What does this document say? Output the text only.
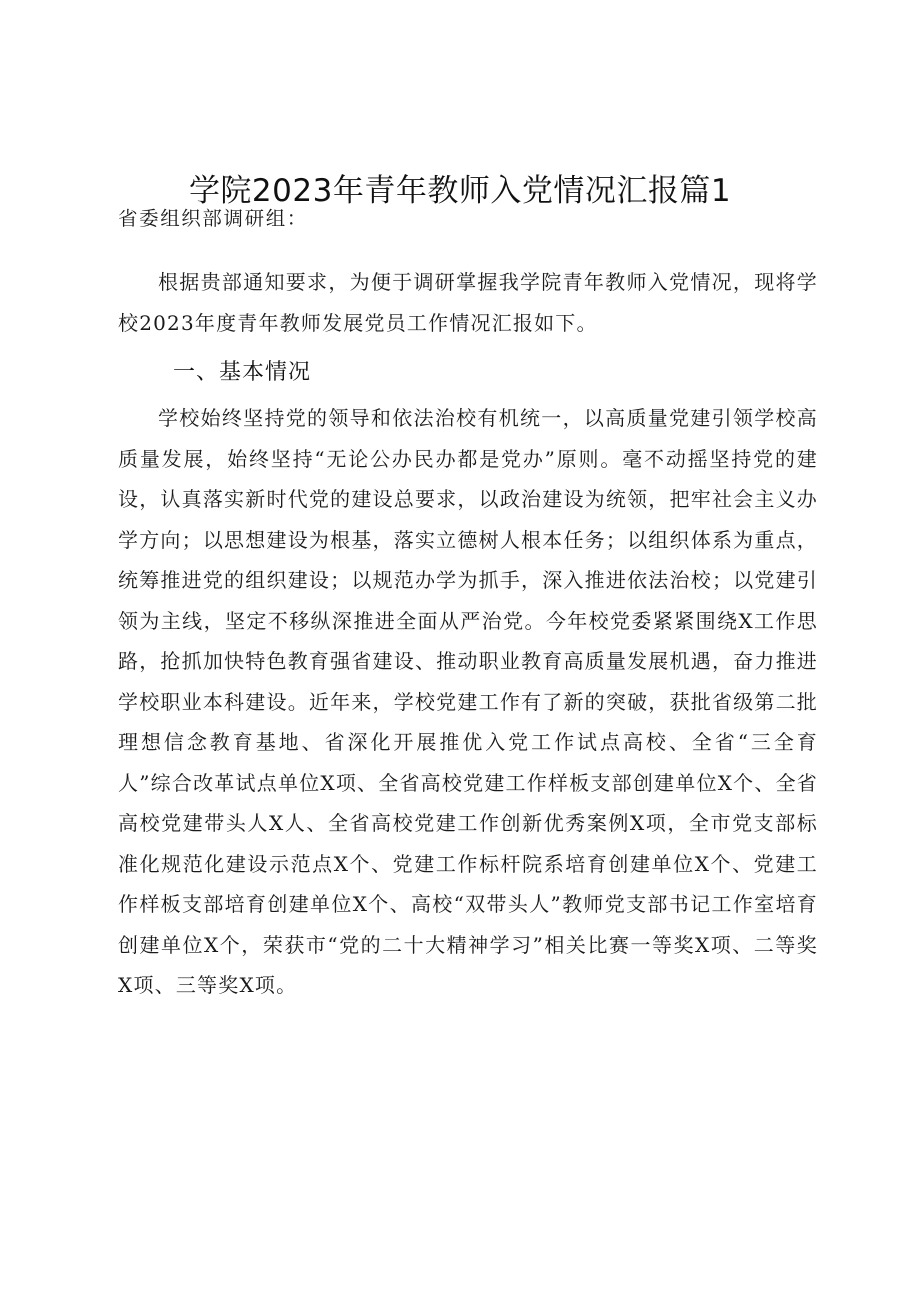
学院2023年青年教师入党情况汇报篇1
省委组织部调研组：

根据贵部通知要求，为便于调研掌握我学院青年教师入党情况，现将学校2023年度青年教师发展党员工作情况汇报如下。

一、基本情况

学校始终坚持党的领导和依法治校有机统一，以高质量党建引领学校高质量发展，始终坚持“无论公办民办都是党办”原则。毫不动摇坚持党的建设，认真落实新时代党的建设总要求，以政治建设为统领，把牢社会主义办学方向；以思想建设为根基，落实立德树人根本任务；以组织体系为重点，统筹推进党的组织建设；以规范办学为抓手，深入推进依法治校；以党建引领为主线，坚定不移纵深推进全面从严治党。今年校党委紧紧围绕X工作思路，抢抓加快特色教育强省建设、推动职业教育高质量发展机遇，奋力推进学校职业本科建设。近年来，学校党建工作有了新的突破，获批省级第二批理想信念教育基地、省深化开展推优入党工作试点高校、全省“三全育人”综合改革试点单位X项、全省高校党建工作样板支部创建单位X个、全省高校党建带头人X人、全省高校党建工作创新优秀案例X项，全市党支部标准化规范化建设示范点X个、党建工作标杆院系培育创建单位X个、党建工作样板支部培育创建单位X个、高校“双带头人”教师党支部书记工作室培育创建单位X个，荣获市“党的二十大精神学习”相关比赛一等奖X项、二等奖X项、三等奖X项。
